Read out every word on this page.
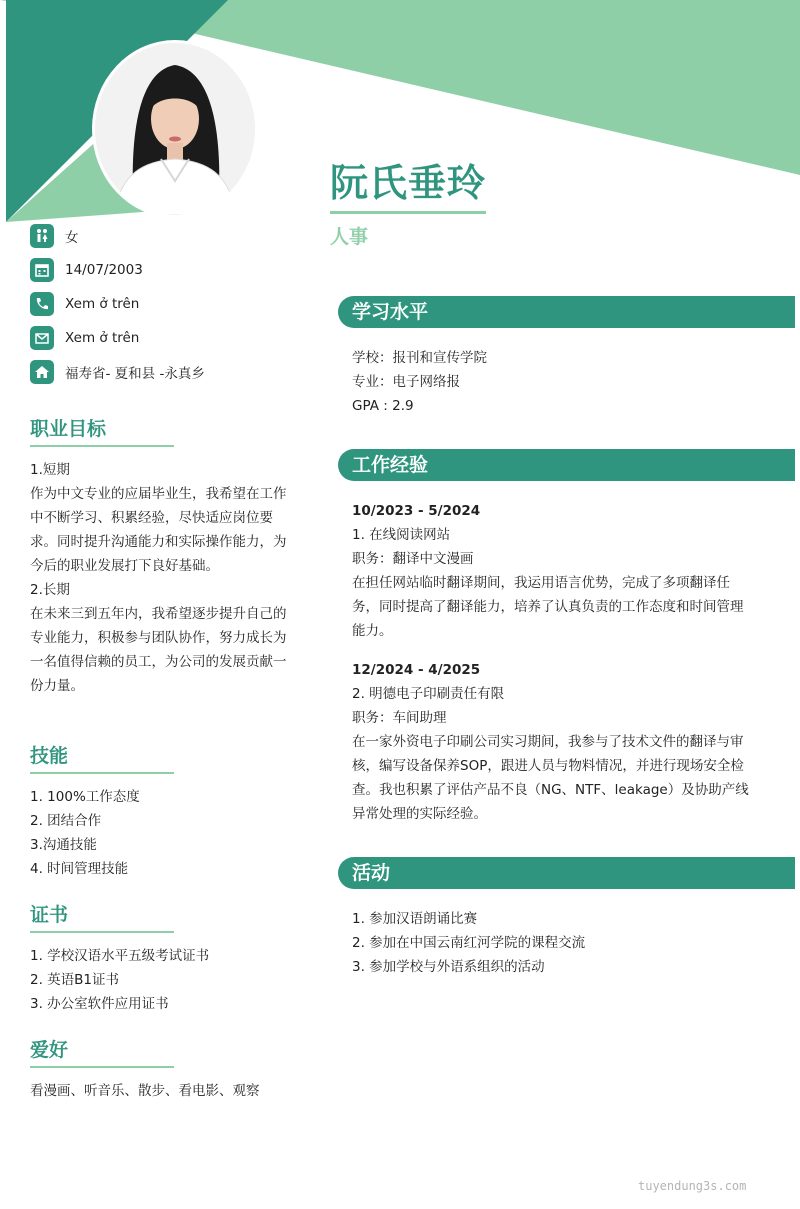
阮氏垂玲
人事
女
14/07/2003
Xem ở trên
Xem ở trên
福寿省- 夏和县 -永真乡
职业目标
1.短期
作为中文专业的应届毕业生，我希望在工作
中不断学习、积累经验，尽快适应岗位要
求。同时提升沟通能力和实际操作能力，为
今后的职业发展打下良好基础。
2.长期
在未来三到五年内，我希望逐步提升自己的
专业能力，积极参与团队协作，努力成长为
一名值得信赖的员工，为公司的发展贡献一
份力量。
技能
1. 100%工作态度
2. 团结合作
3.沟通技能
4. 时间管理技能
证书
1. 学校汉语水平五级考试证书
2. 英语B1证书
3. 办公室软件应用证书
爱好
看漫画、听音乐、散步、看电影、观察
学习水平
学校：报刊和宣传学院
专业：电子网络报
GPA : 2.9
工作经验
10/2023 - 5/2024
1. 在线阅读网站
职务：翻译中文漫画
在担任网站临时翻译期间，我运用语言优势，完成了多项翻译任
务，同时提高了翻译能力，培养了认真负责的工作态度和时间管理
能力。
12/2024 - 4/2025
2. 明德电子印刷责任有限
职务：车间助理
在一家外资电子印刷公司实习期间，我参与了技术文件的翻译与审
核，编写设备保养SOP，跟进人员与物料情况，并进行现场安全检
查。我也积累了评估产品不良（NG、NTF、leakage）及协助产线
异常处理的实际经验。
活动
1. 参加汉语朗诵比赛
2. 参加在中国云南红河学院的课程交流
3. 参加学校与外语系组织的活动
tuyendung3s.com
